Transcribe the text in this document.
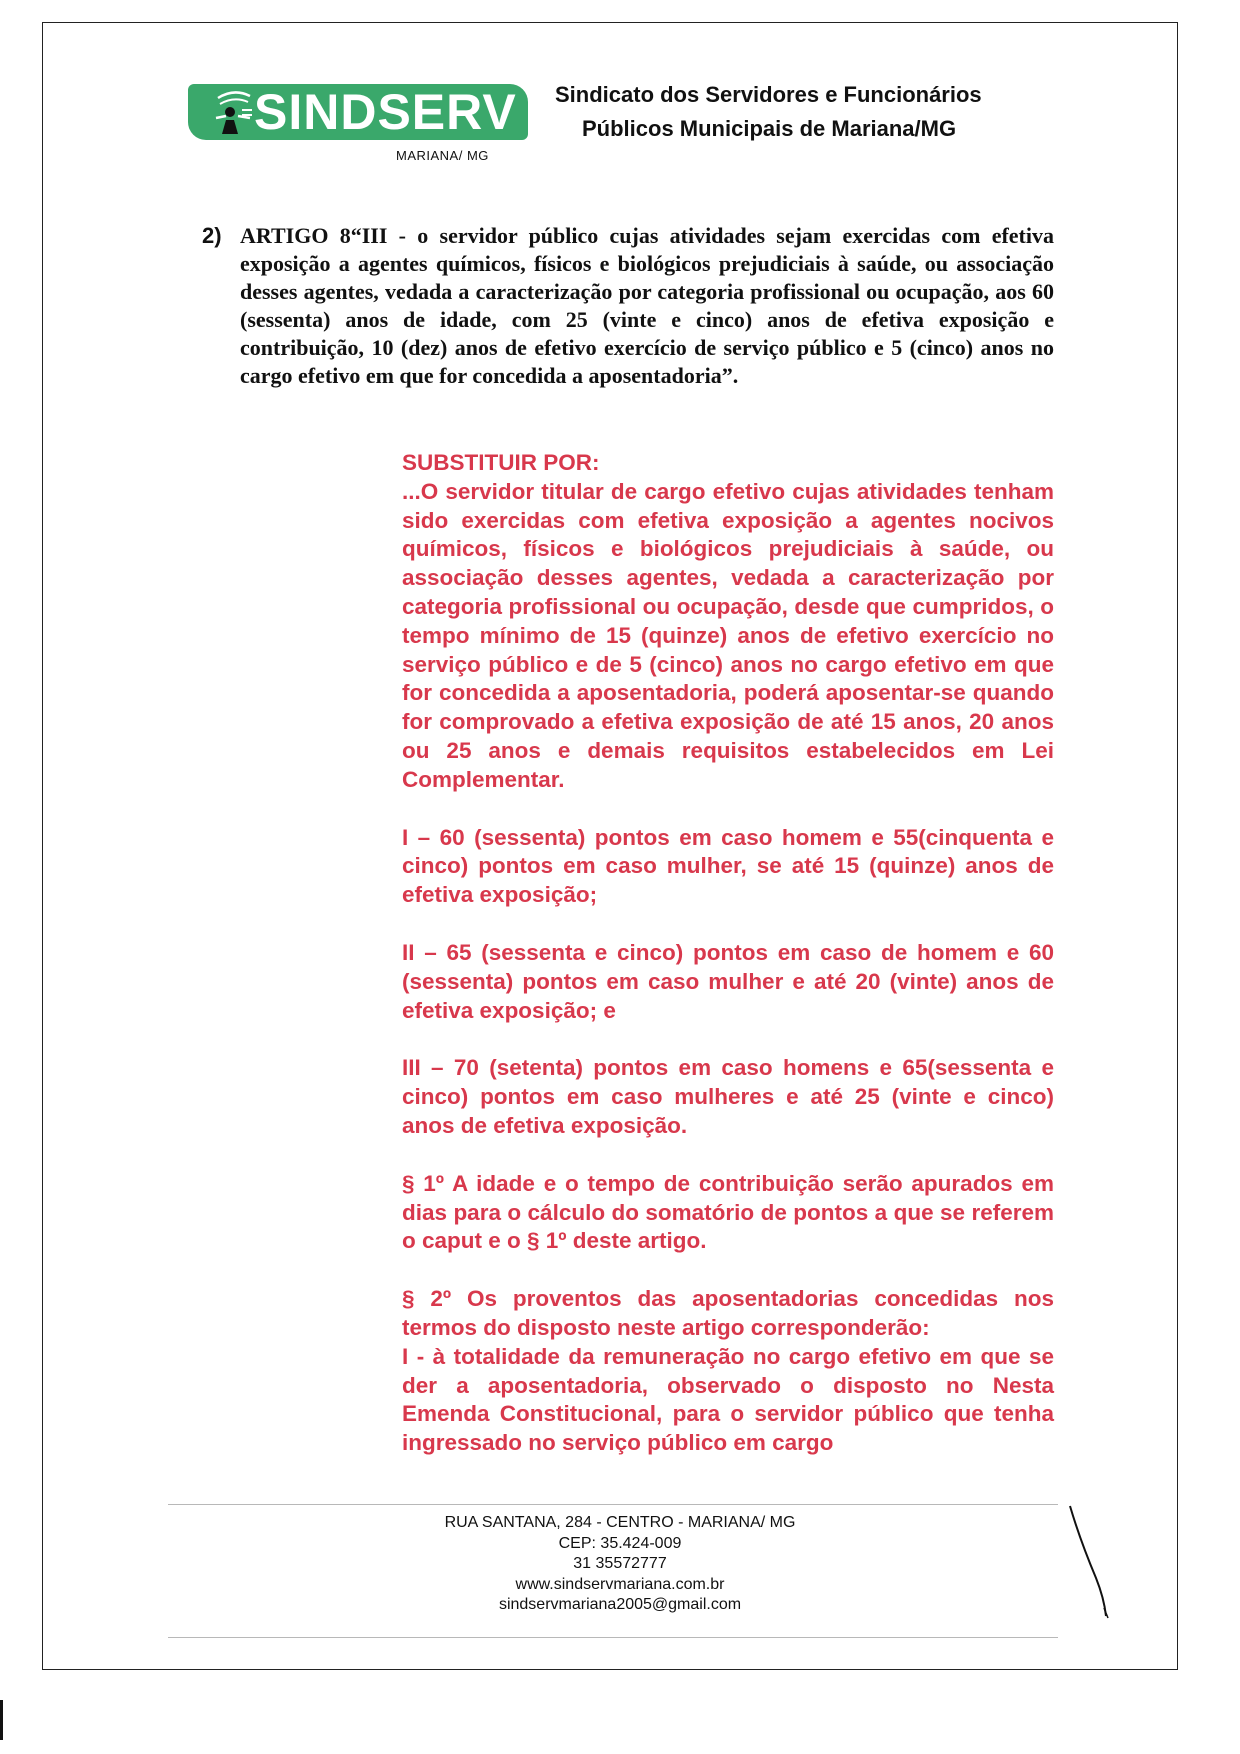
SINDSERV
MARIANA/ MG
Sindicato dos Servidores e Funcionários
Públicos Municipais de Mariana/MG
2) ARTIGO 8“III - o servidor público cujas atividades sejam exercidas com efetiva exposição a agentes químicos, físicos e biológicos prejudiciais à saúde, ou associação desses agentes, vedada a caracterização por categoria profissional ou ocupação, aos 60 (sessenta) anos de idade, com 25 (vinte e cinco) anos de efetiva exposição e contribuição, 10 (dez) anos de efetivo exercício de serviço público e 5 (cinco) anos no cargo efetivo em que for concedida a aposentadoria”.

SUBSTITUIR POR:

...O servidor titular de cargo efetivo cujas atividades tenham sido exercidas com efetiva exposição a agentes nocivos químicos, físicos e biológicos prejudiciais à saúde, ou associação desses agentes, vedada a caracterização por categoria profissional ou ocupação, desde que cumpridos, o tempo mínimo de 15 (quinze) anos de efetivo exercício no serviço público e de 5 (cinco) anos no cargo efetivo em que for concedida a aposentadoria, poderá aposentar-se quando for comprovado a efetiva exposição de até 15 anos, 20 anos ou 25 anos e demais requisitos estabelecidos em Lei Complementar.

I – 60 (sessenta) pontos em caso homem e 55(cinquenta e cinco) pontos em caso mulher, se até 15 (quinze) anos de efetiva exposição;

II – 65 (sessenta e cinco) pontos em caso de homem e 60 (sessenta) pontos em caso mulher e até 20 (vinte) anos de efetiva exposição; e

III – 70 (setenta) pontos em caso homens e 65(sessenta e cinco) pontos em caso mulheres e até 25 (vinte e cinco) anos de efetiva exposição.

§ 1º A idade e o tempo de contribuição serão apurados em dias para o cálculo do somatório de pontos a que se referem o caput e o § 1º deste artigo.

§ 2º Os proventos das aposentadorias concedidas nos termos do disposto neste artigo corresponderão:

I - à totalidade da remuneração no cargo efetivo em que se der a aposentadoria, observado o disposto no Nesta Emenda Constitucional, para o servidor público que tenha ingressado no serviço público em cargo

RUA SANTANA, 284 - CENTRO - MARIANA/ MG
CEP: 35.424-009
31 35572777
www.sindservmariana.com.br
sindservmariana2005@gmail.com
